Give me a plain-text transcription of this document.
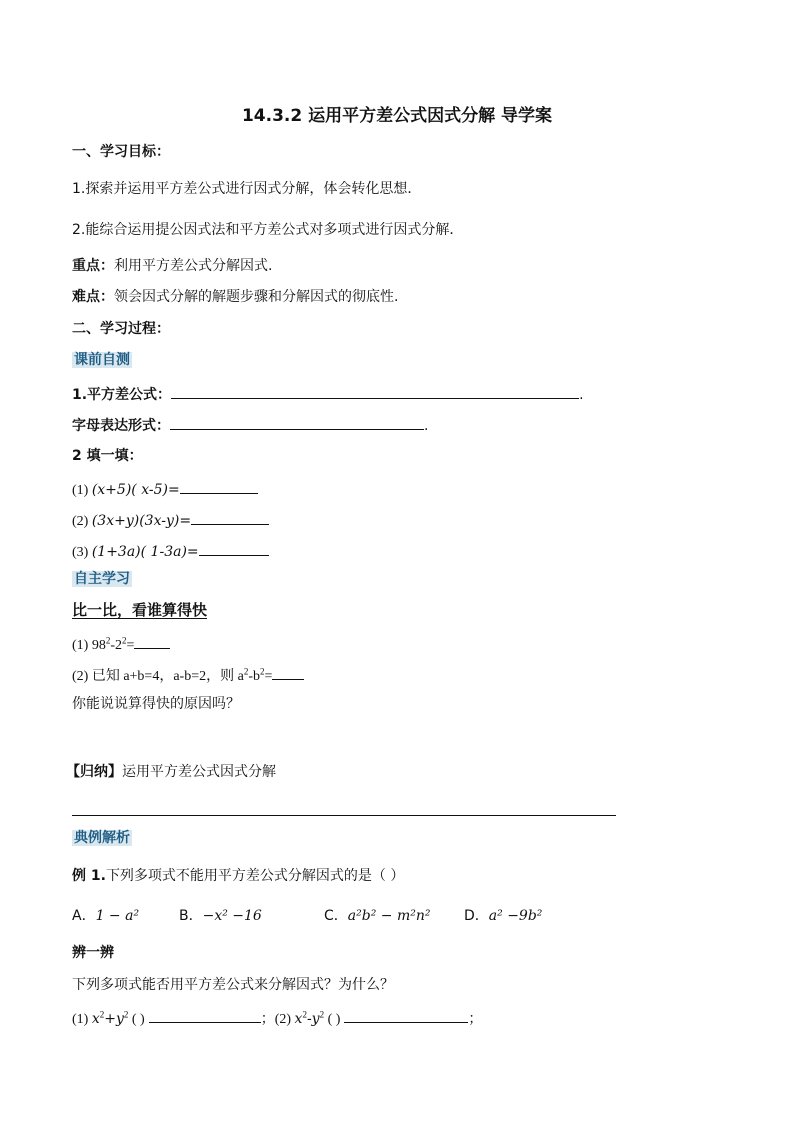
14.3.2 运用平方差公式因式分解 导学案
一、学习目标：
1.探索并运用平方差公式进行因式分解，体会转化思想．
2.能综合运用提公因式法和平方差公式对多项式进行因式分解．
重点：利用平方差公式分解因式.
难点：领会因式分解的解题步骤和分解因式的彻底性.
二、学习过程：
课前自测
1.平方差公式：	.
字母表达形式：	.
2 填一填：
(1) (x+5)( x-5)=
(2) (3x+y)(3x-y)=
(3) (1+3a)( 1-3a)=
自主学习
比一比，看谁算得快
(1) $98^2-2^2=$
(2) 已知 a+b=4，a-b=2，则 $a^2-b^2=$
你能说说算得快的原因吗？
【归纳】运用平方差公式因式分解
典例解析
例 1.下列多项式不能用平方差公式分解因式的是（ ）
A．1 − a²	B．−x² −16	C．a²b² − m²n² D．a² −9b²
辨一辨
下列多项式能否用平方差公式来分解因式？为什么？
(1) $x^2+y^2$ ( )	；(2) $x^2-y^2$ ( )	；
